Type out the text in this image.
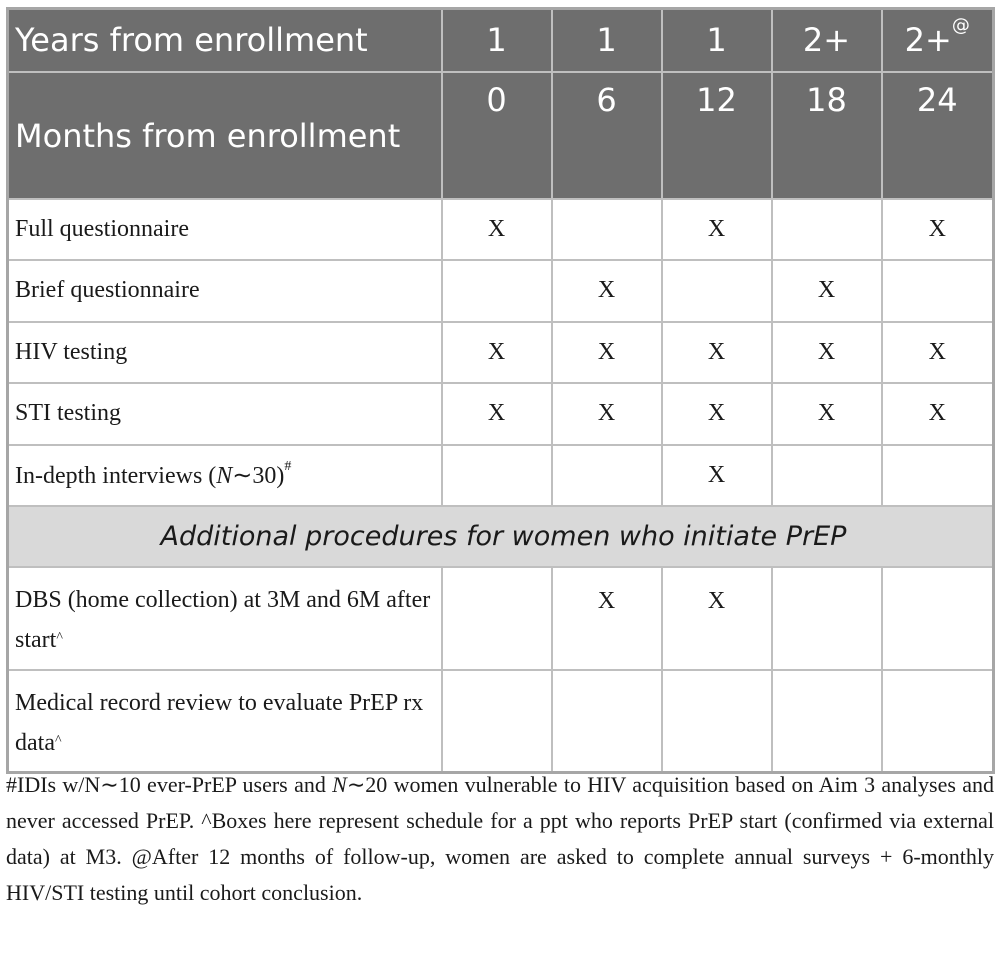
Years from enrollment	1	1	1	2+	2+@
Months from enrollment	0	6	12	18	24
Full questionnaire	X		X		X
Brief questionnaire		X		X	
HIV testing	X	X	X	X	X
STI testing	X	X	X	X	X
In-depth interviews (N∼30)#			X		
Additional procedures for women who initiate PrEP					
DBS (home collection) at 3M and 6M after start^		X	X		
Medical record review to evaluate PrEP rx data^					
#IDIs w/N∼10 ever-PrEP users and N∼20 women vulnerable to HIV acquisition based on Aim 3 analyses and never accessed PrEP. ^Boxes here represent schedule for a ppt who reports PrEP start (confirmed via external data) at M3. @After 12 months of follow-up, women are asked to complete annual surveys + 6-monthly HIV/STI testing until cohort conclusion.
